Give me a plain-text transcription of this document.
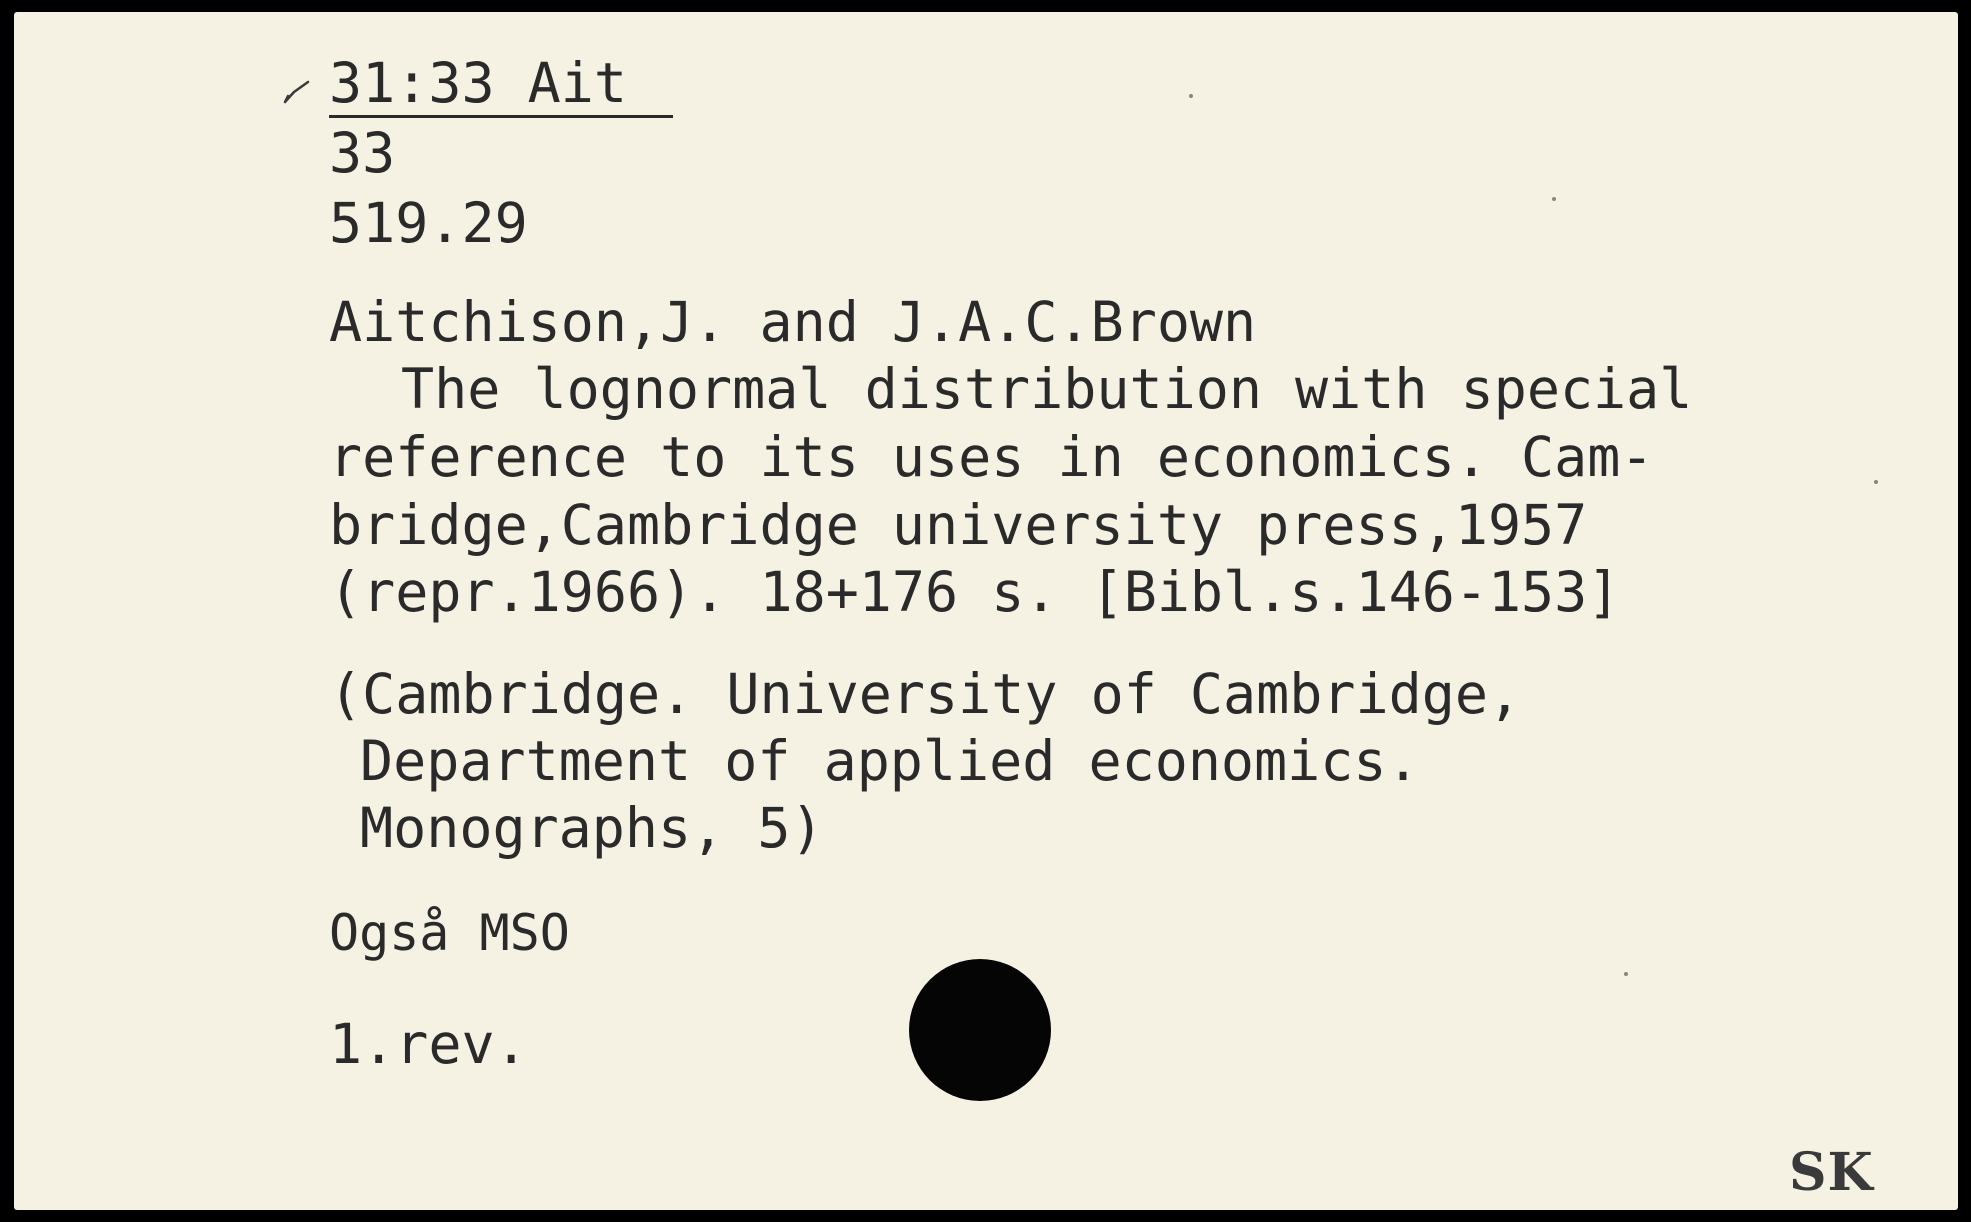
31:33 Ait
33
519.29
Aitchison,J. and J.A.C.Brown
The lognormal distribution with special
reference to its uses in economics. Cam-
bridge,Cambridge university press,1957
(repr.1966). 18+176 s. [Bibl.s.146-153]
(Cambridge. University of Cambridge,
Department of applied economics.
Monographs, 5)
Også MSO
1.rev.
SK
